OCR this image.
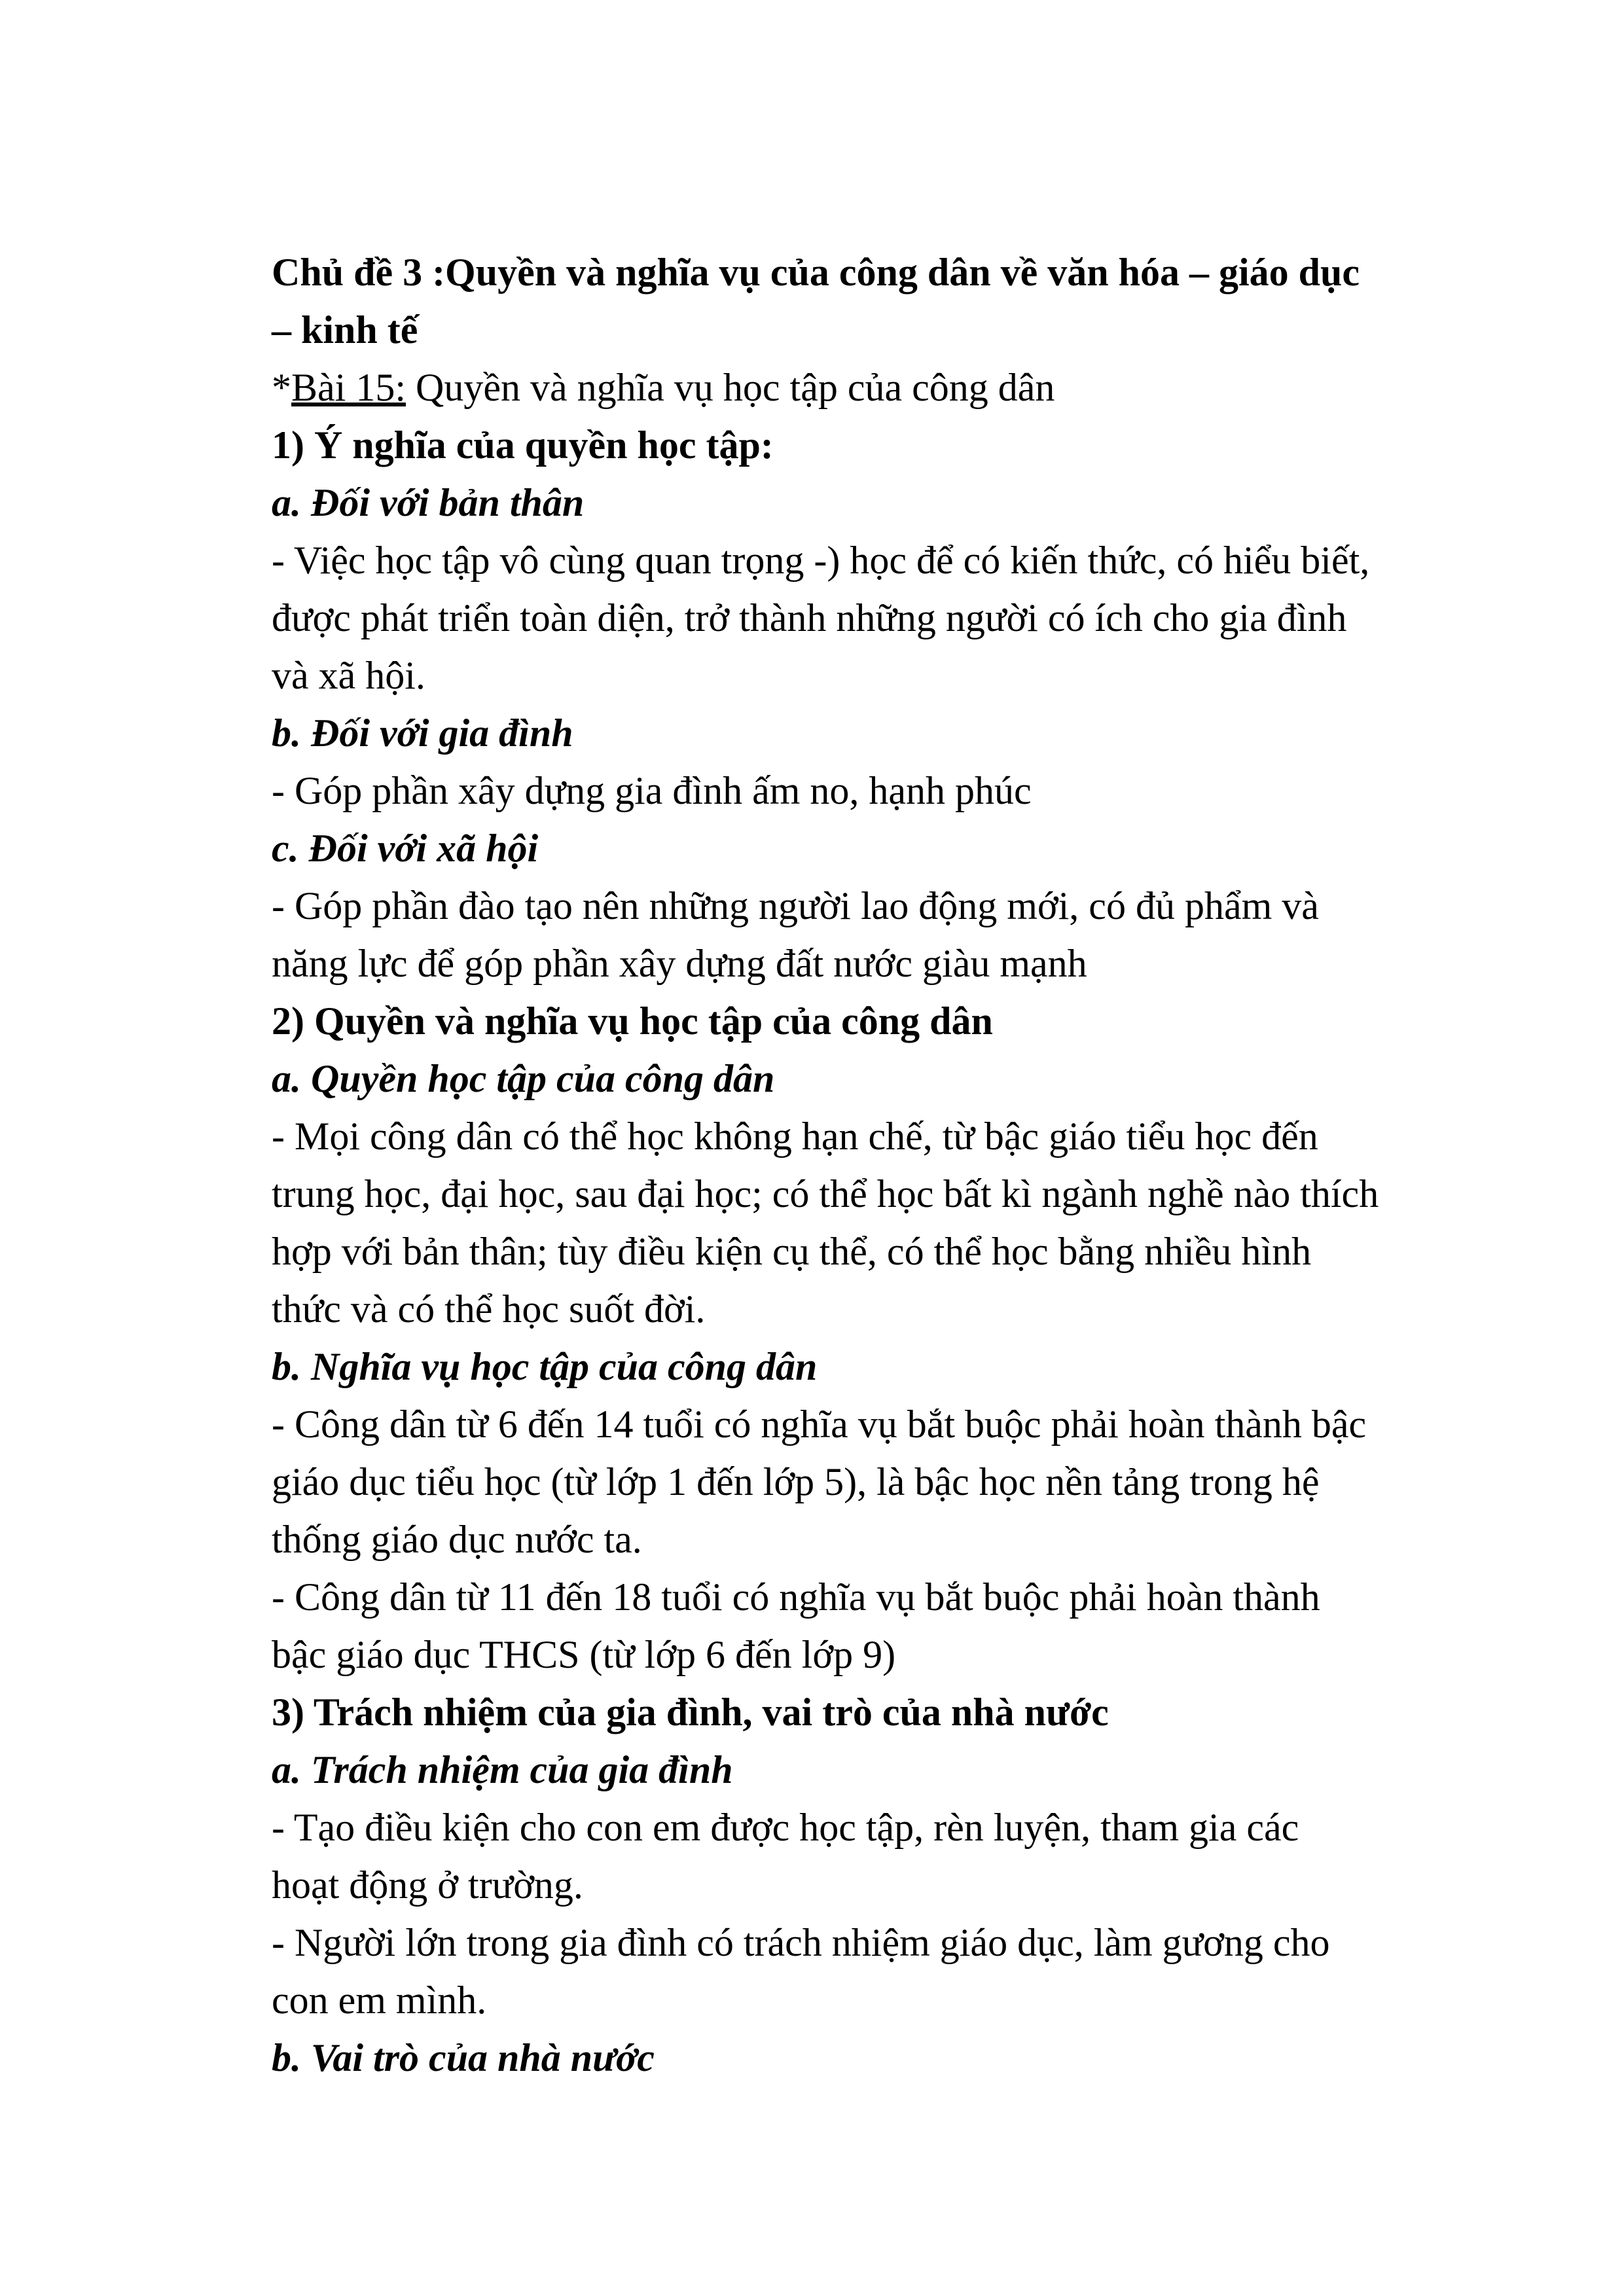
Chủ đề 3 :Quyền và nghĩa vụ của công dân về văn hóa – giáo dục
– kinh tế
*Bài 15: Quyền và nghĩa vụ học tập của công dân
1) Ý nghĩa của quyền học tập:
a. Đối với bản thân
- Việc học tập vô cùng quan trọng -) học để có kiến thức, có hiểu biết,
được phát triển toàn diện, trở thành những người có ích cho gia đình
và xã hội.
b. Đối với gia đình
- Góp phần xây dựng gia đình ấm no, hạnh phúc
c. Đối với xã hội
- Góp phần đào tạo nên những người lao động mới, có đủ phẩm và
năng lực để góp phần xây dựng đất nước giàu mạnh
2) Quyền và nghĩa vụ học tập của công dân
a. Quyền học tập của công dân
- Mọi công dân có thể học không hạn chế, từ bậc giáo tiểu học đến
trung học, đại học, sau đại học; có thể học bất kì ngành nghề nào thích
hợp với bản thân; tùy điều kiện cụ thể, có thể học bằng nhiều hình
thức và có thể học suốt đời.
b. Nghĩa vụ học tập của công dân
- Công dân từ 6 đến 14 tuổi có nghĩa vụ bắt buộc phải hoàn thành bậc
giáo dục tiểu học (từ lớp 1 đến lớp 5), là bậc học nền tảng trong hệ
thống giáo dục nước ta.
- Công dân từ 11 đến 18 tuổi có nghĩa vụ bắt buộc phải hoàn thành
bậc giáo dục THCS (từ lớp 6 đến lớp 9)
3) Trách nhiệm của gia đình, vai trò của nhà nước
a. Trách nhiệm của gia đình
- Tạo điều kiện cho con em được học tập, rèn luyện, tham gia các
hoạt động ở trường.
- Người lớn trong gia đình có trách nhiệm giáo dục, làm gương cho
con em mình.
b. Vai trò của nhà nước
